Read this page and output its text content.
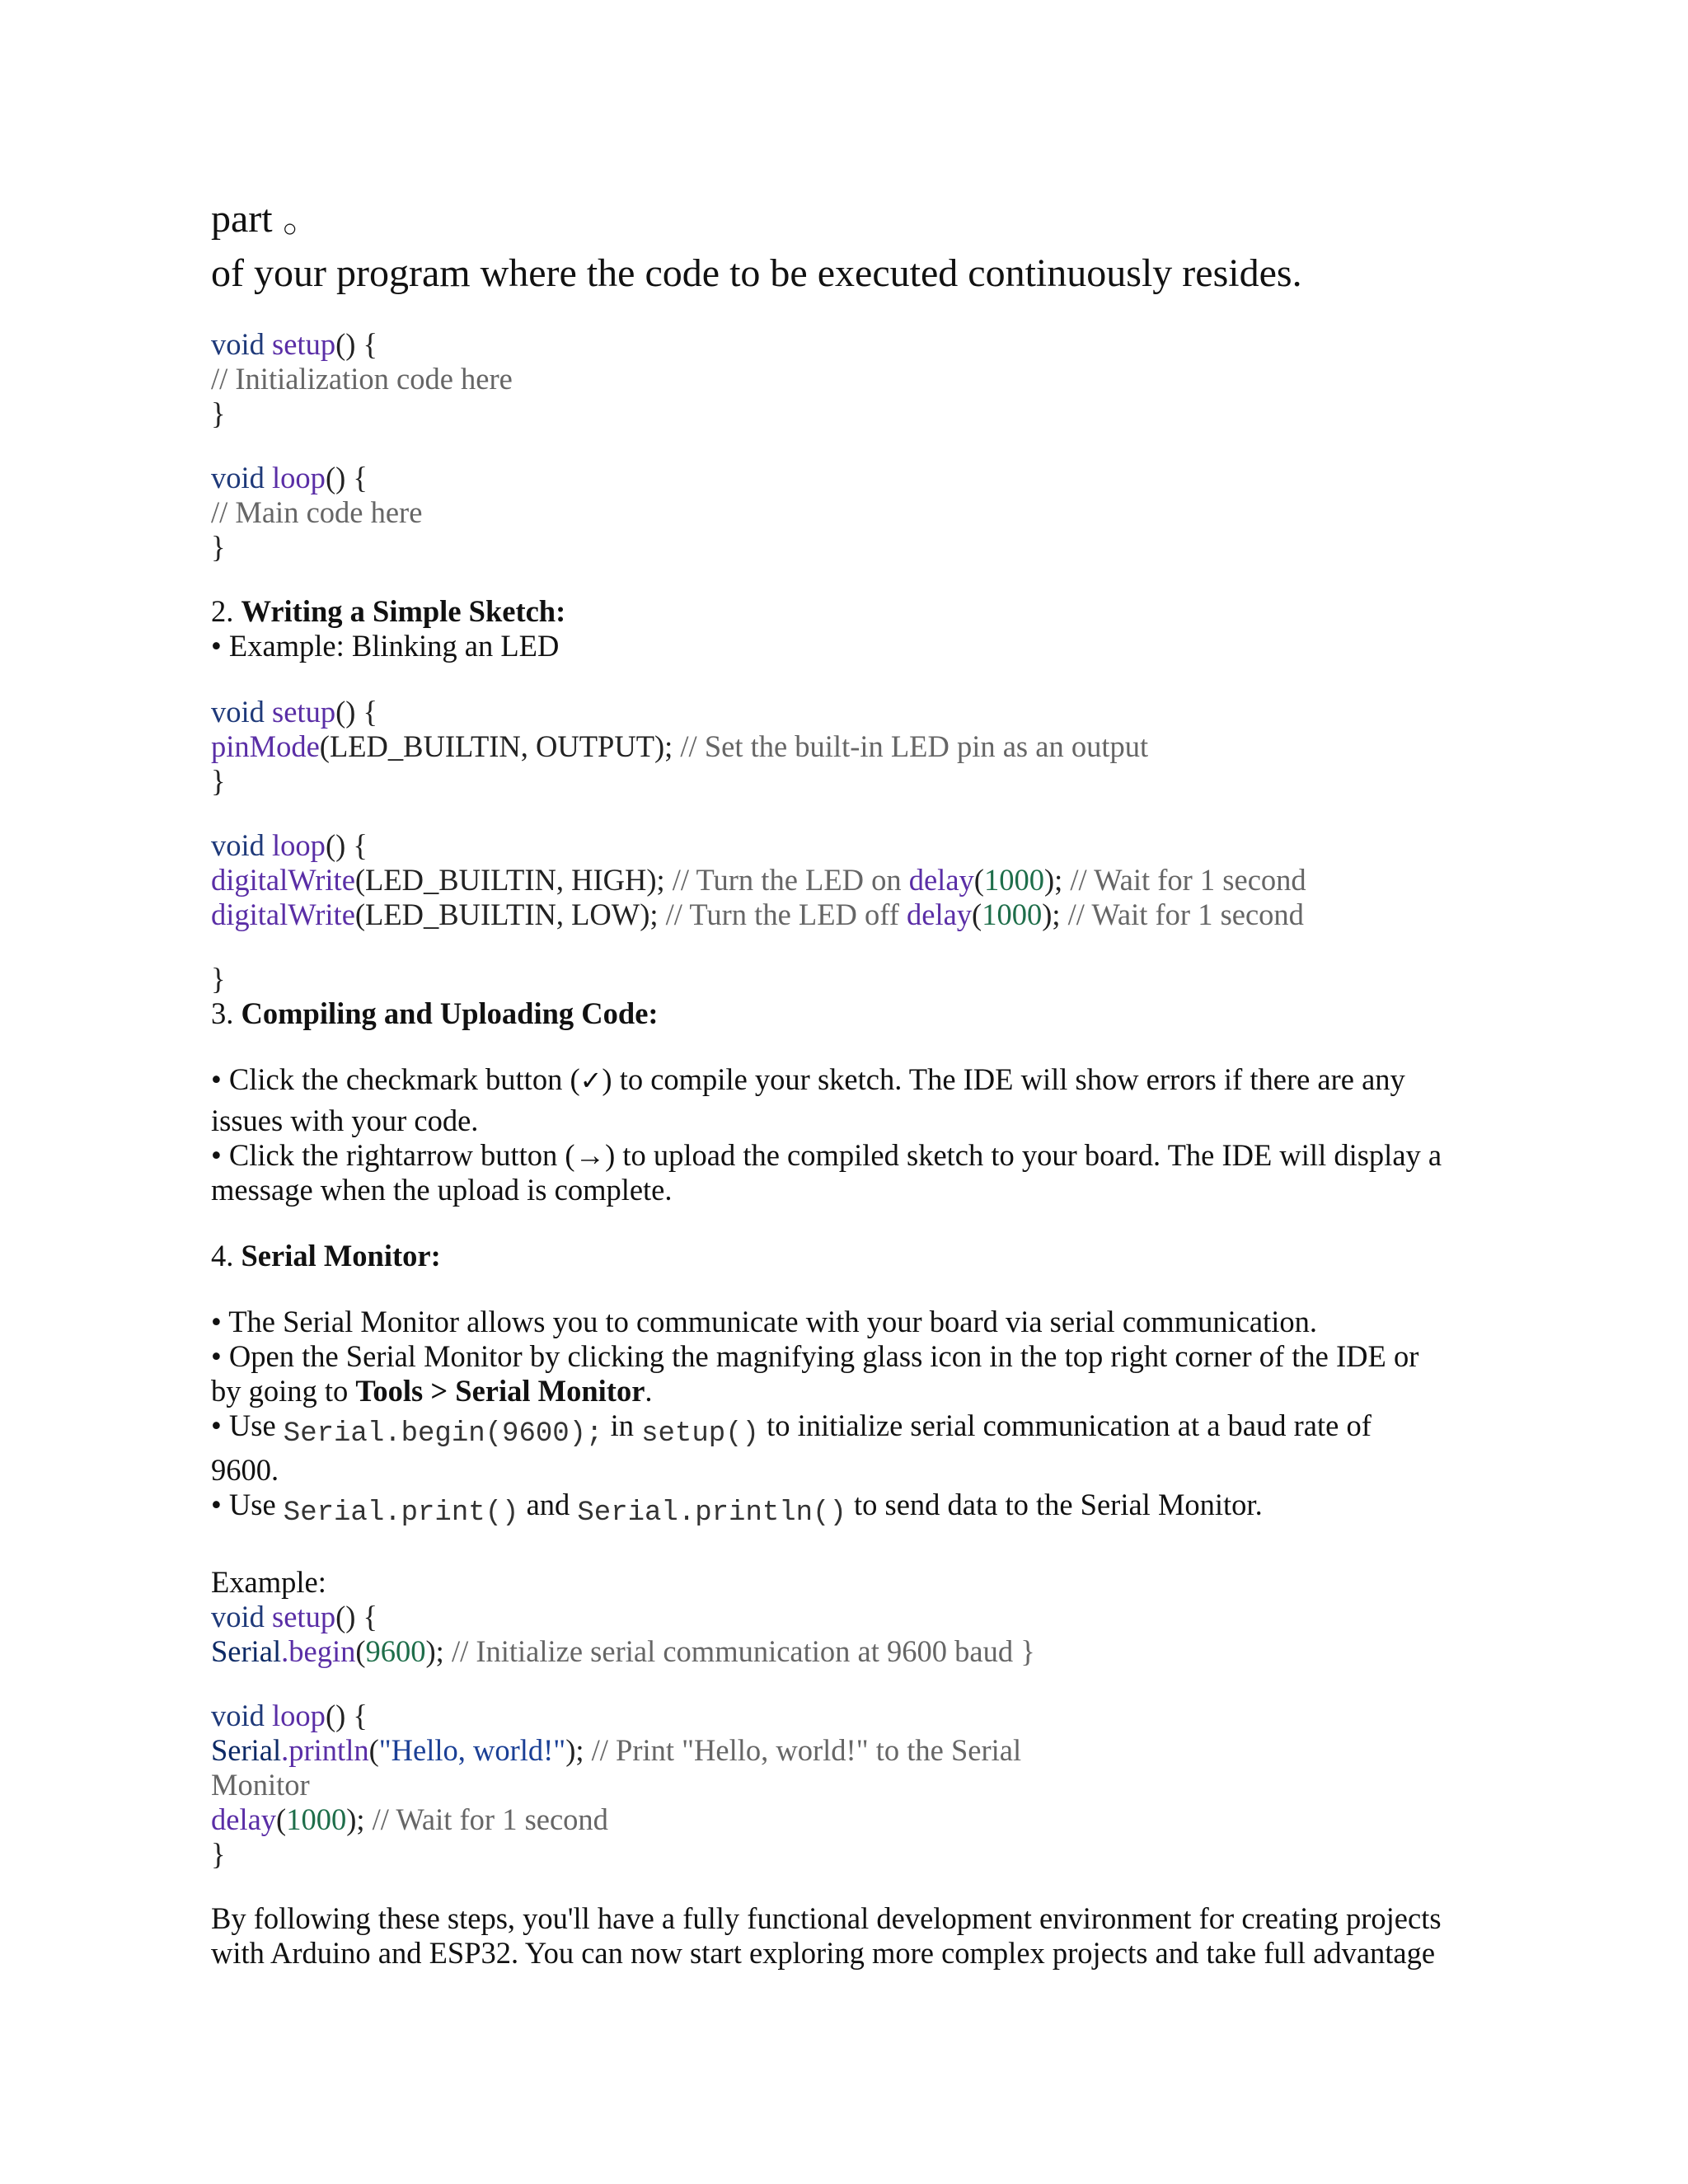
part ○
of your program where the code to be executed continuously resides.
void setup() {
// Initialization code here
}
void loop() {
// Main code here
}
2. Writing a Simple Sketch:
• Example: Blinking an LED
void setup() {
pinMode(LED_BUILTIN, OUTPUT); // Set the built-in LED pin as an output
}
void loop() {
digitalWrite(LED_BUILTIN, HIGH); // Turn the LED on delay(1000); // Wait for 1 second
digitalWrite(LED_BUILTIN, LOW); // Turn the LED off delay(1000); // Wait for 1 second
}
3. Compiling and Uploading Code:
• Click the checkmark button (✓) to compile your sketch. The IDE will show errors if there are any
issues with your code.
• Click the rightarrow button (→) to upload the compiled sketch to your board. The IDE will display a
message when the upload is complete.
4. Serial Monitor:
• The Serial Monitor allows you to communicate with your board via serial communication.
• Open the Serial Monitor by clicking the magnifying glass icon in the top right corner of the IDE or
by going to Tools > Serial Monitor.
• Use Serial.begin(9600); in setup() to initialize serial communication at a baud rate of
9600.
• Use Serial.print() and Serial.println() to send data to the Serial Monitor.
Example:
void setup() {
Serial.begin(9600); // Initialize serial communication at 9600 baud }
void loop() {
Serial.println("Hello, world!"); // Print "Hello, world!" to the Serial
Monitor
delay(1000); // Wait for 1 second
}
By following these steps, you'll have a fully functional development environment for creating projects
with Arduino and ESP32. You can now start exploring more complex projects and take full advantage
